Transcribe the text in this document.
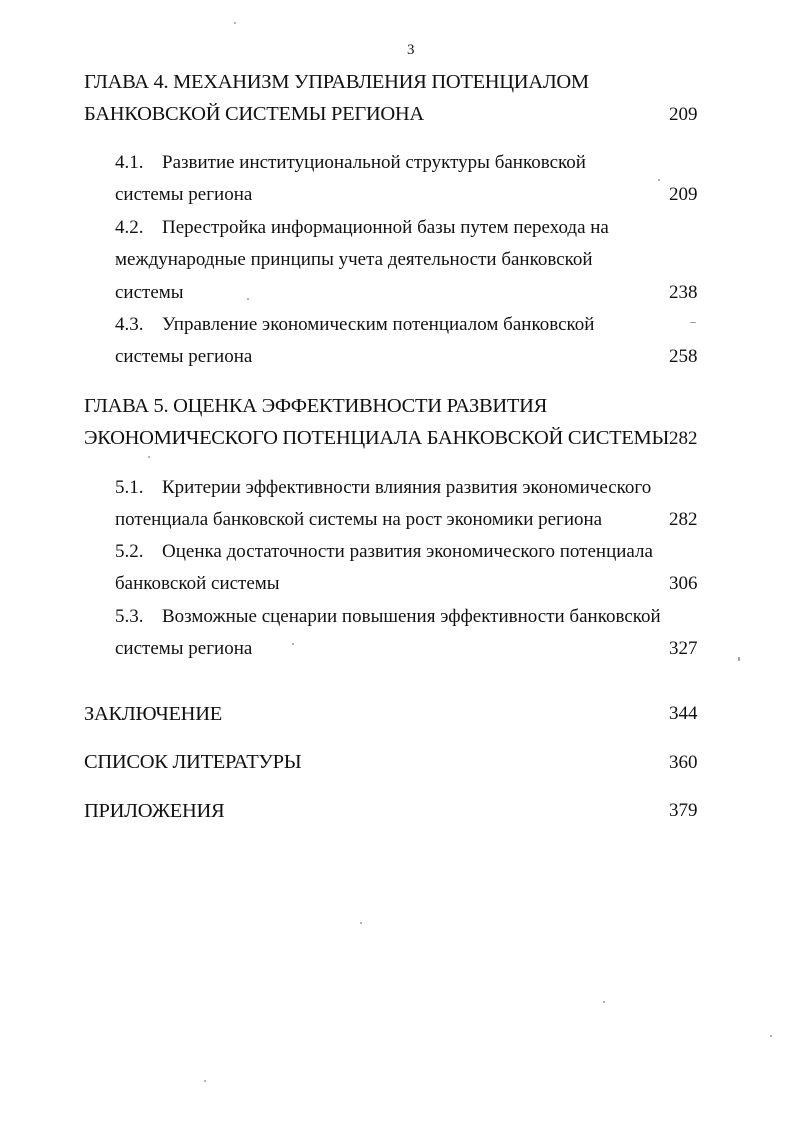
3
ГЛАВА 4. МЕХАНИЗМ УПРАВЛЕНИЯ ПОТЕНЦИАЛОМ
БАНКОВСКОЙ СИСТЕМЫ РЕГИОНА	209
4.1. Развитие институциональной структуры банковской
системы региона	209
4.2. Перестройка информационной базы путем перехода на
международные принципы учета деятельности банковской
системы	238
4.3. Управление экономическим потенциалом банковской
системы региона	258
ГЛАВА 5. ОЦЕНКА ЭФФЕКТИВНОСТИ РАЗВИТИЯ
ЭКОНОМИЧЕСКОГО ПОТЕНЦИАЛА БАНКОВСКОЙ СИСТЕМЫ 282
5.1. Критерии эффективности влияния развития экономического
потенциала банковской системы на рост экономики региона	282
5.2. Оценка достаточности развития экономического потенциала
банковской системы	306
5.3. Возможные сценарии повышения эффективности банковской
системы региона	327
ЗАКЛЮЧЕНИЕ	344
СПИСОК ЛИТЕРАТУРЫ	360
ПРИЛОЖЕНИЯ	379
